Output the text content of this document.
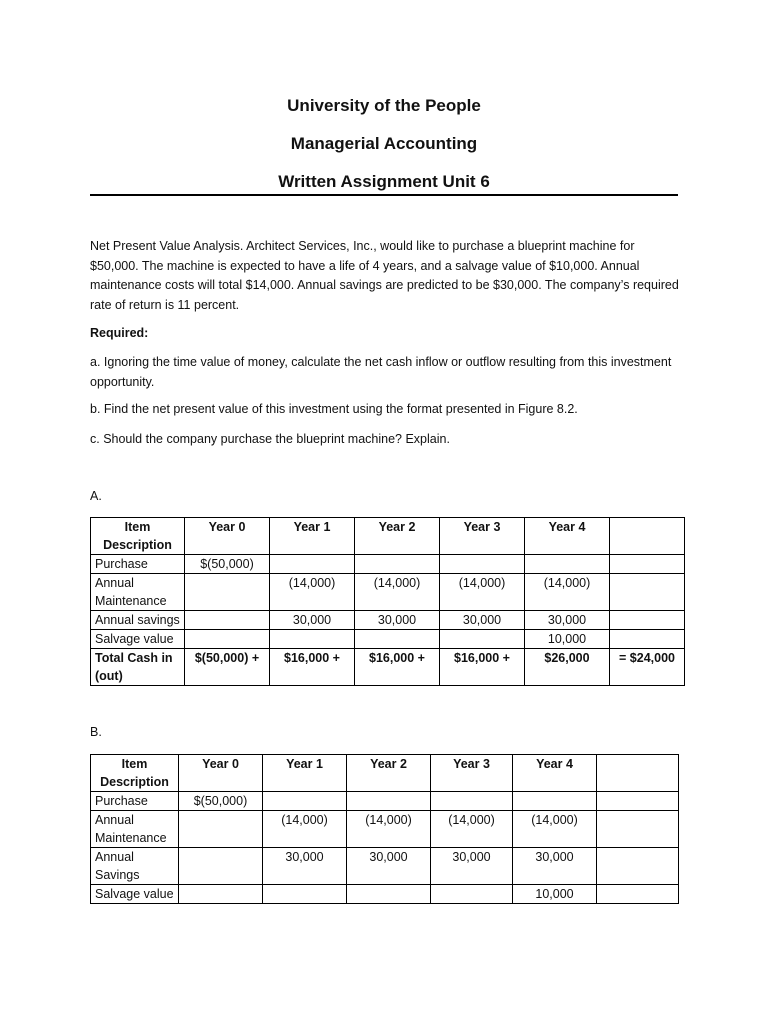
University of the People
Managerial Accounting
Written Assignment Unit 6
Net Present Value Analysis. Architect Services, Inc., would like to purchase a blueprint machine for $50,000. The machine is expected to have a life of 4 years, and a salvage value of $10,000. Annual maintenance costs will total $14,000. Annual savings are predicted to be $30,000. The company’s required rate of return is 11 percent.
Required:
a. Ignoring the time value of money, calculate the net cash inflow or outflow resulting from this investment opportunity.
b. Find the net present value of this investment using the format presented in Figure 8.2.
c. Should the company purchase the blueprint machine? Explain.
A.
Item Description	Year 0	Year 1	Year 2	Year 3	Year 4	
Purchase	$(50,000)					
Annual Maintenance		(14,000)	(14,000)	(14,000)	(14,000)	
Annual savings		30,000	30,000	30,000	30,000	
Salvage value					10,000	
Total Cash in (out)	$(50,000) +	$16,000 +	$16,000 +	$16,000 +	$26,000	= $24,000
B.
Item Description	Year 0	Year 1	Year 2	Year 3	Year 4	
Purchase	$(50,000)					
Annual Maintenance		(14,000)	(14,000)	(14,000)	(14,000)	
Annual Savings		30,000	30,000	30,000	30,000	
Salvage value					10,000	
